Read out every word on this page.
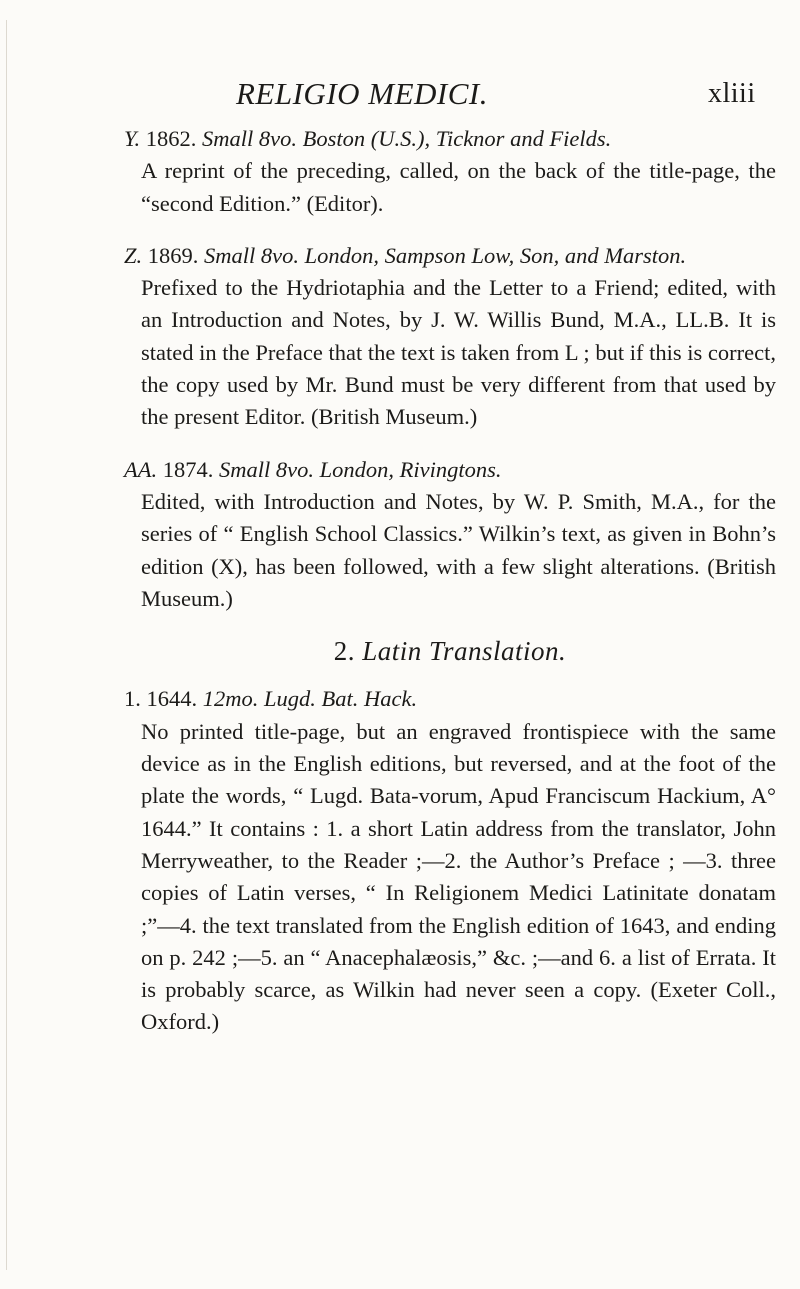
RELIGIO MEDICI.	xliii

Y. 1862. Small 8vo. Boston (U.S.), Ticknor and Fields.

A reprint of the preceding, called, on the back of the title-page, the “second Edition.” (Editor).

Z. 1869. Small 8vo. London, Sampson Low, Son, and Marston.

Prefixed to the Hydriotaphia and the Letter to a Friend; edited, with an Introduction and Notes, by J. W. Willis Bund, M.A., LL.B. It is stated in the Preface that the text is taken from L ; but if this is correct, the copy used by Mr. Bund must be very different from that used by the present Editor. (British Museum.)

AA. 1874. Small 8vo. London, Rivingtons.

Edited, with Introduction and Notes, by W. P. Smith, M.A., for the series of “ English School Classics.” Wilkin’s text, as given in Bohn’s edition (X), has been followed, with a few slight alterations. (British Museum.)

2. Latin Translation.

1. 1644. 12mo. Lugd. Bat. Hack.

No printed title-page, but an engraved frontispiece with the same device as in the English editions, but reversed, and at the foot of the plate the words, “ Lugd. Bata-vorum, Apud Franciscum Hackium, A° 1644.” It contains : 1. a short Latin address from the translator, John Merryweather, to the Reader ;—2. the Author’s Preface ; —3. three copies of Latin verses, “ In Religionem Medici Latinitate donatam ;”—4. the text translated from the English edition of 1643, and ending on p. 242 ;—5. an “ Anacephalæosis,” &c. ;—and 6. a list of Errata. It is probably scarce, as Wilkin had never seen a copy. (Exeter Coll., Oxford.)
